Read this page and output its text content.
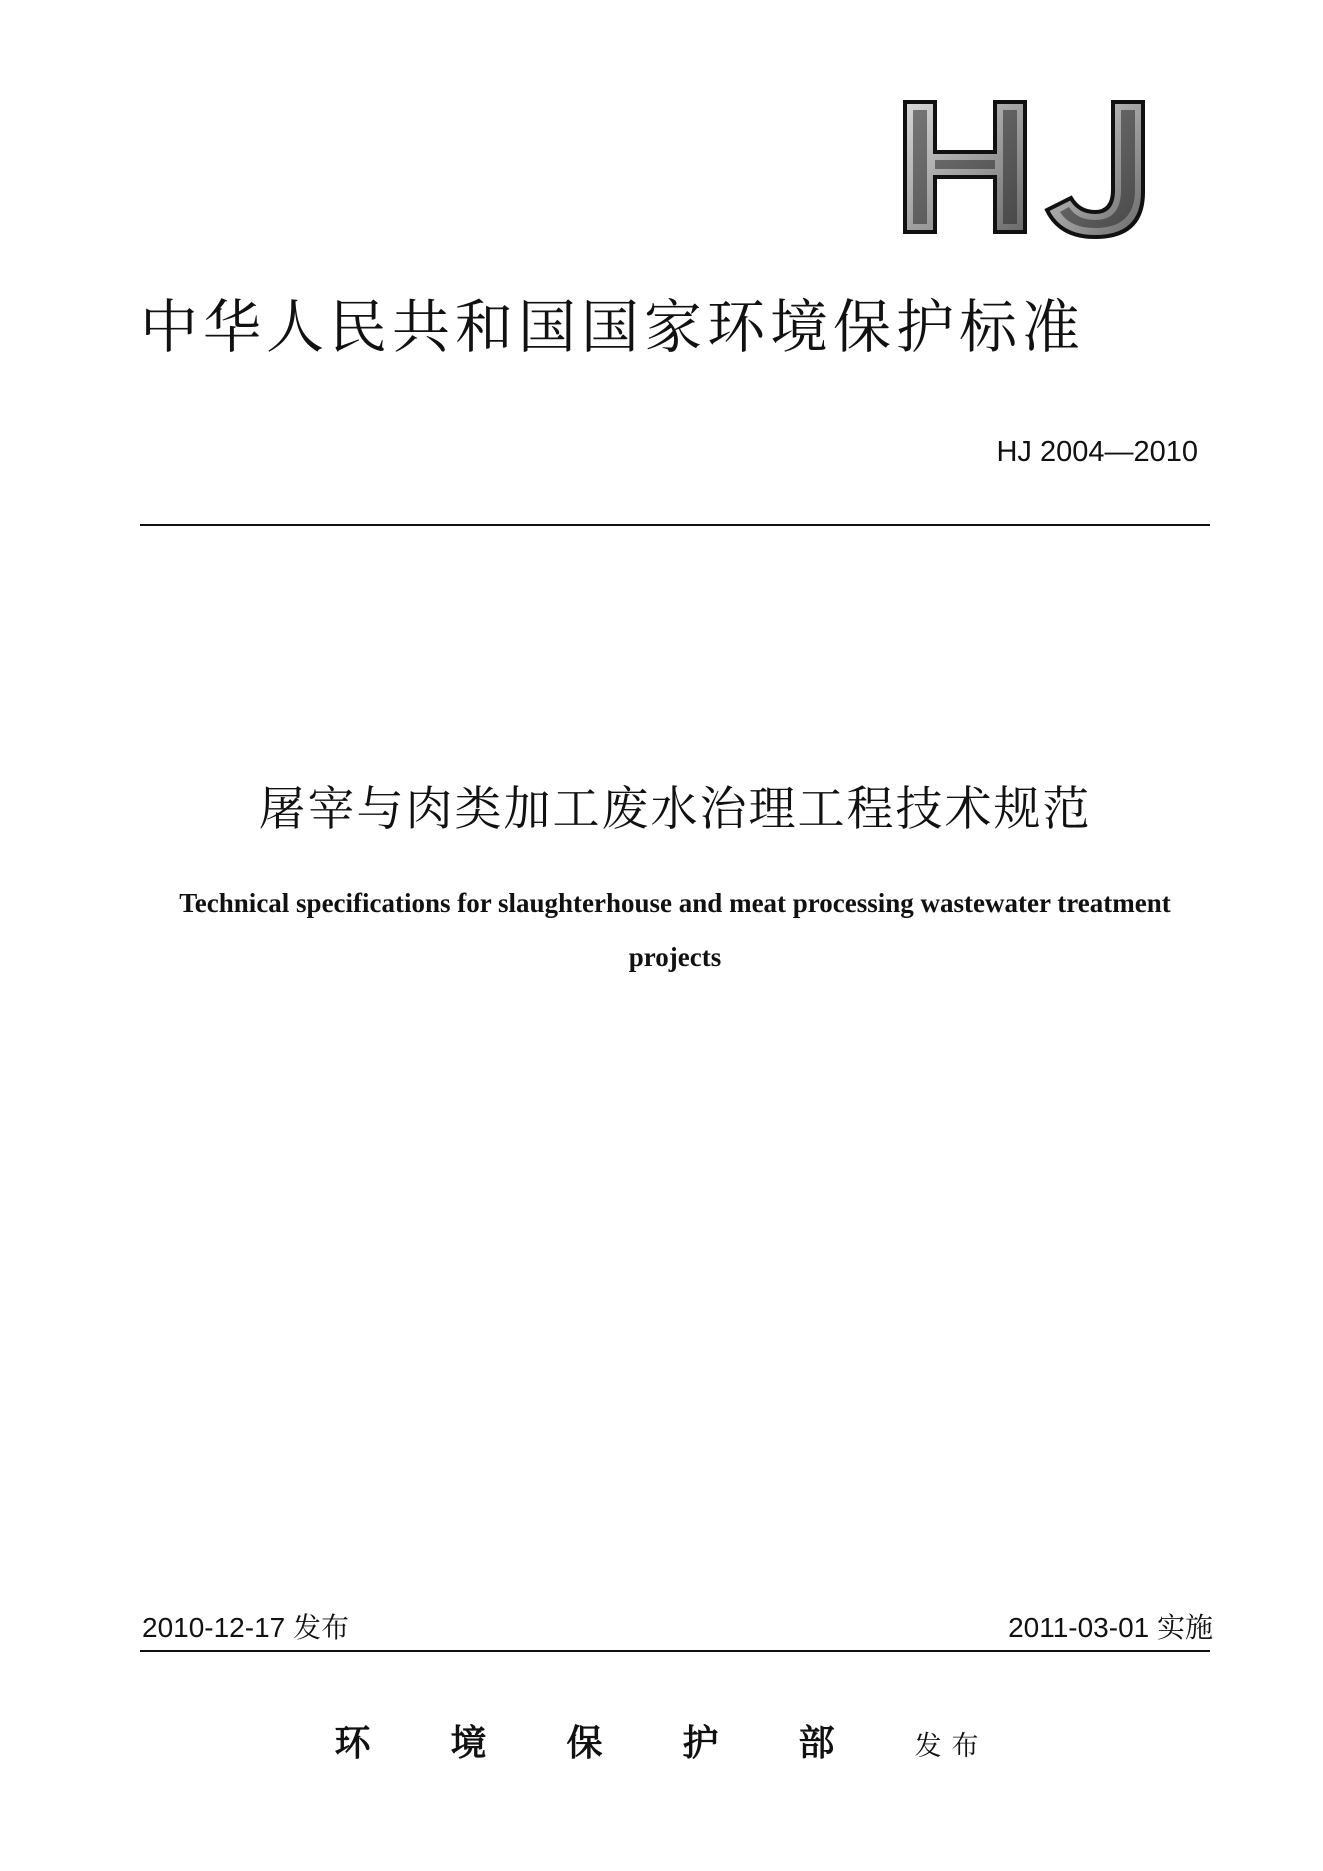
中华人民共和国国家环境保护标准
HJ 2004—2010
屠宰与肉类加工废水治理工程技术规范
Technical specifications for slaughterhouse and meat processing wastewater treatment projects
2010-12-17 发布	2011-03-01 实施
环境保护部发布
